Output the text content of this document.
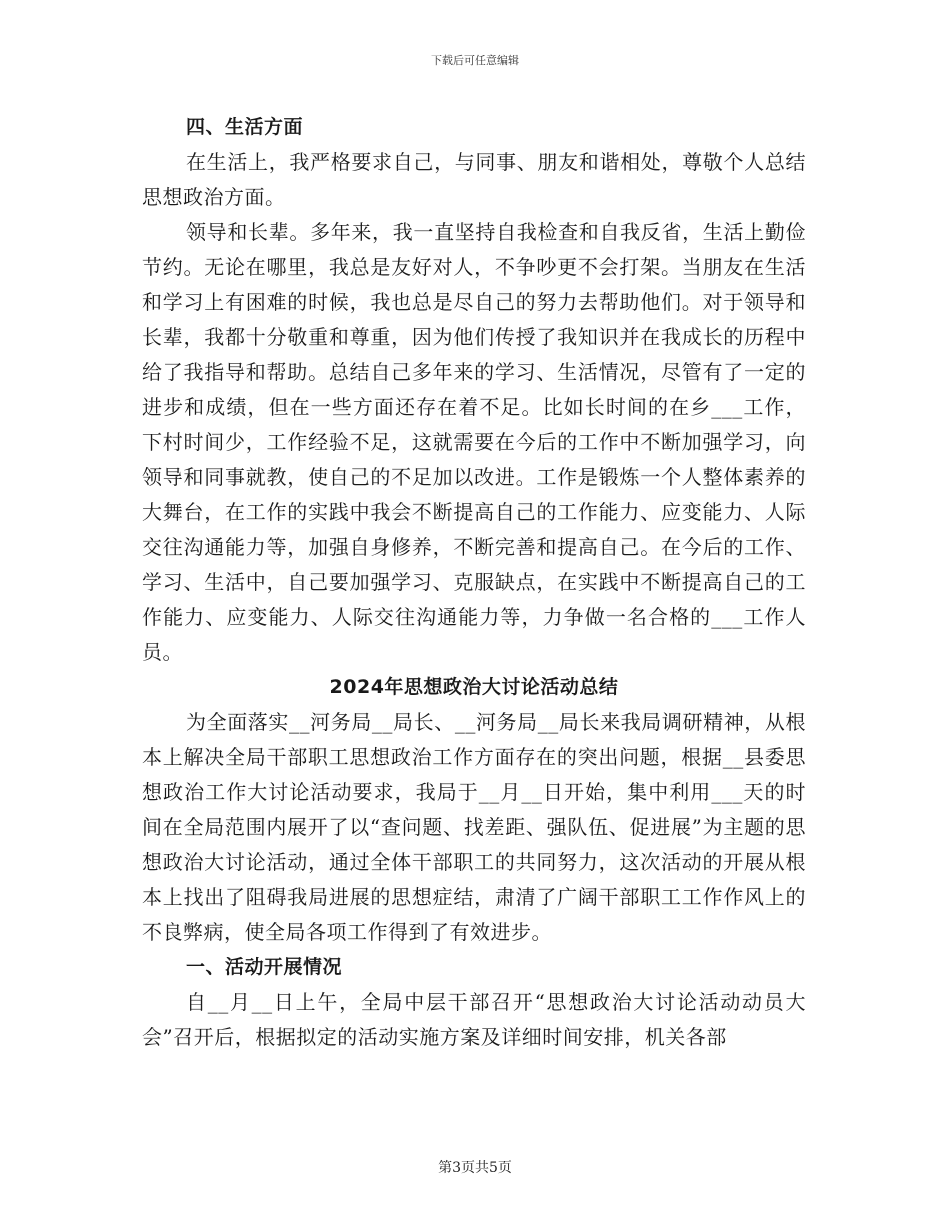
下载后可任意编辑

四、生活方面

在生活上，我严格要求自己，与同事、朋友和谐相处，尊敬个人总结思想政治方面。

领导和长辈。多年来，我一直坚持自我检查和自我反省，生活上勤俭节约。无论在哪里，我总是友好对人，不争吵更不会打架。当朋友在生活和学习上有困难的时候，我也总是尽自己的努力去帮助他们。对于领导和长辈，我都十分敬重和尊重，因为他们传授了我知识并在我成长的历程中给了我指导和帮助。总结自己多年来的学习、生活情况，尽管有了一定的进步和成绩，但在一些方面还存在着不足。比如长时间的在乡___工作，下村时间少，工作经验不足，这就需要在今后的工作中不断加强学习，向领导和同事就教，使自己的不足加以改进。工作是锻炼一个人整体素养的大舞台，在工作的实践中我会不断提高自己的工作能力、应变能力、人际交往沟通能力等，加强自身修养，不断完善和提高自己。在今后的工作、学习、生活中，自己要加强学习、克服缺点，在实践中不断提高自己的工作能力、应变能力、人际交往沟通能力等，力争做一名合格的___工作人员。

2024年思想政治大讨论活动总结

为全面落实__河务局__局长、__河务局__局长来我局调研精神，从根本上解决全局干部职工思想政治工作方面存在的突出问题，根据__县委思想政治工作大讨论活动要求，我局于__月__日开始，集中利用___天的时间在全局范围内展开了以“查问题、找差距、强队伍、促进展”为主题的思想政治大讨论活动，通过全体干部职工的共同努力，这次活动的开展从根本上找出了阻碍我局进展的思想症结，肃清了广阔干部职工工作作风上的不良弊病，使全局各项工作得到了有效进步。

一、活动开展情况

自__月__日上午，全局中层干部召开“思想政治大讨论活动动员大会”召开后，根据拟定的活动实施方案及详细时间安排，机关各部

第3页共5页
